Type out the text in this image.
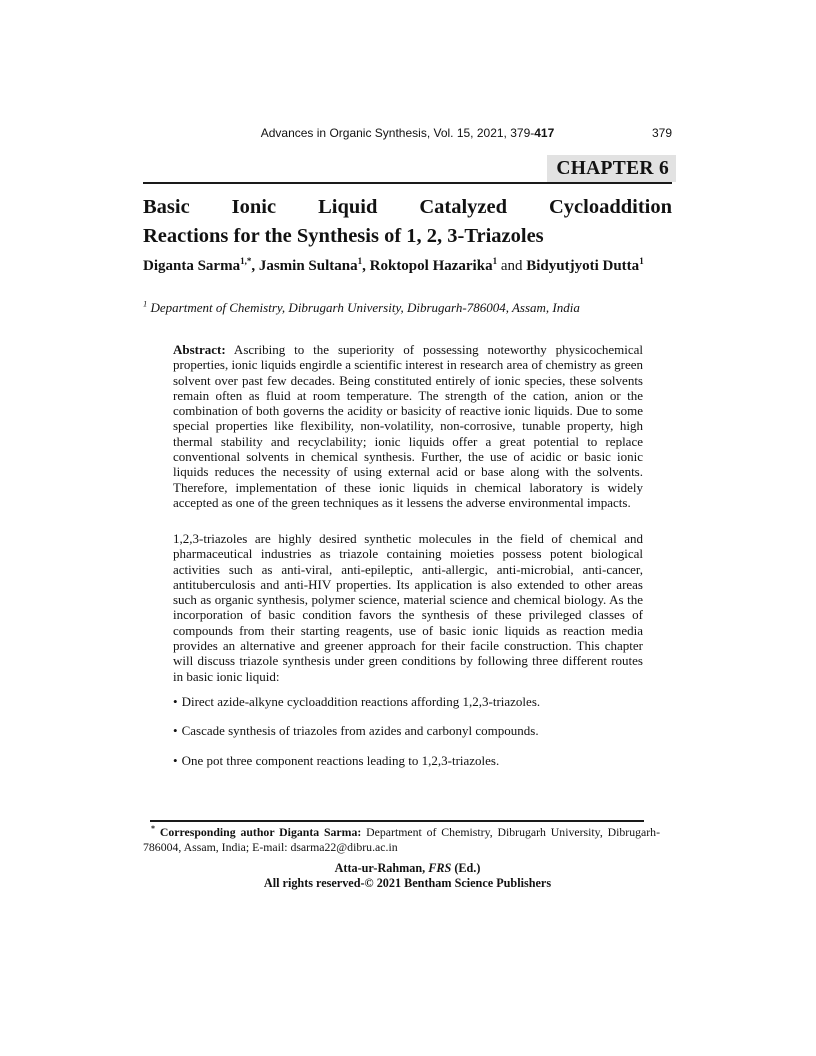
Advances in Organic Synthesis, Vol. 15, 2021, 379-417	379
CHAPTER 6
Basic Ionic Liquid Catalyzed Cycloaddition
Reactions for the Synthesis of 1, 2, 3-Triazoles
Diganta Sarma$^{1,*}$, Jasmin Sultana$^1$, Roktopol Hazarika$^1$ and Bidyutjyoti Dutta$^1$
$^1$ Department of Chemistry, Dibrugarh University, Dibrugarh-786004, Assam, India
Abstract: Ascribing to the superiority of possessing noteworthy physicochemical properties, ionic liquids engirdle a scientific interest in research area of chemistry as green solvent over past few decades. Being constituted entirely of ionic species, these solvents remain often as fluid at room temperature. The strength of the cation, anion or the combination of both governs the acidity or basicity of reactive ionic liquids. Due to some special properties like flexibility, non-volatility, non-corrosive, tunable property, high thermal stability and recyclability; ionic liquids offer a great potential to replace conventional solvents in chemical synthesis. Further, the use of acidic or basic ionic liquids reduces the necessity of using external acid or base along with the solvents. Therefore, implementation of these ionic liquids in chemical laboratory is widely accepted as one of the green techniques as it lessens the adverse environmental impacts.
1,2,3-triazoles are highly desired synthetic molecules in the field of chemical and pharmaceutical industries as triazole containing moieties possess potent biological activities such as anti-viral, anti-epileptic, anti-allergic, anti-microbial, anti-cancer, antituberculosis and anti-HIV properties. Its application is also extended to other areas such as organic synthesis, polymer science, material science and chemical biology. As the incorporation of basic condition favors the synthesis of these privileged classes of compounds from their starting reagents, use of basic ionic liquids as reaction media provides an alternative and greener approach for their facile construction. This chapter will discuss triazole synthesis under green conditions by following three different routes in basic ionic liquid:
• Direct azide-alkyne cycloaddition reactions affording 1,2,3-triazoles.
• Cascade synthesis of triazoles from azides and carbonyl compounds.
• One pot three component reactions leading to 1,2,3-triazoles.
* Corresponding author Diganta Sarma: Department of Chemistry, Dibrugarh University, Dibrugarh-786004, Assam, India; E-mail: dsarma22@dibru.ac.in
Atta-ur-Rahman, FRS (Ed.)
All rights reserved-© 2021 Bentham Science Publishers
